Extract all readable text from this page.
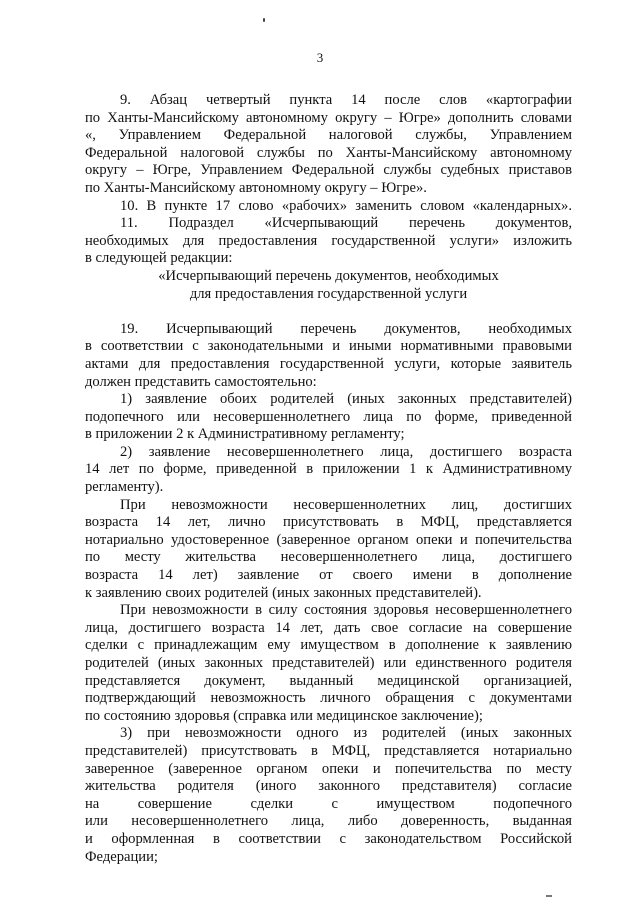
3
9. Абзац четвертый пункта 14 после слов «картографии
по Ханты-Мансийскому автономному округу – Югре» дополнить словами
«, Управлением Федеральной налоговой службы, Управлением
Федеральной налоговой службы по Ханты-Мансийскому автономному
округу – Югре, Управлением Федеральной службы судебных приставов
по Ханты-Мансийскому автономному округу – Югре».
10. В пункте 17 слово «рабочих» заменить словом «календарных».
11. Подраздел «Исчерпывающий перечень документов,
необходимых для предоставления государственной услуги» изложить
в следующей редакции:
«Исчерпывающий перечень документов, необходимых
для предоставления государственной услуги
19. Исчерпывающий перечень документов, необходимых
в соответствии с законодательными и иными нормативными правовыми
актами для предоставления государственной услуги, которые заявитель
должен представить самостоятельно:
1) заявление обоих родителей (иных законных представителей)
подопечного или несовершеннолетнего лица по форме, приведенной
в приложении 2 к Административному регламенту;
2) заявление несовершеннолетнего лица, достигшего возраста
14 лет по форме, приведенной в приложении 1 к Административному
регламенту).
При невозможности несовершеннолетних лиц, достигших
возраста 14 лет, лично присутствовать в МФЦ, представляется
нотариально удостоверенное (заверенное органом опеки и попечительства
по месту жительства несовершеннолетнего лица, достигшего
возраста 14 лет) заявление от своего имени в дополнение
к заявлению своих родителей (иных законных представителей).
При невозможности в силу состояния здоровья несовершеннолетнего
лица, достигшего возраста 14 лет, дать свое согласие на совершение
сделки с принадлежащим ему имуществом в дополнение к заявлению
родителей (иных законных представителей) или единственного родителя
представляется документ, выданный медицинской организацией,
подтверждающий невозможность личного обращения с документами
по состоянию здоровья (справка или медицинское заключение);
3) при невозможности одного из родителей (иных законных
представителей) присутствовать в МФЦ, представляется нотариально
заверенное (заверенное органом опеки и попечительства по месту
жительства родителя (иного законного представителя) согласие
на совершение сделки с имуществом подопечного
или несовершеннолетнего лица, либо доверенность, выданная
и оформленная в соответствии с законодательством Российской
Федерации;
